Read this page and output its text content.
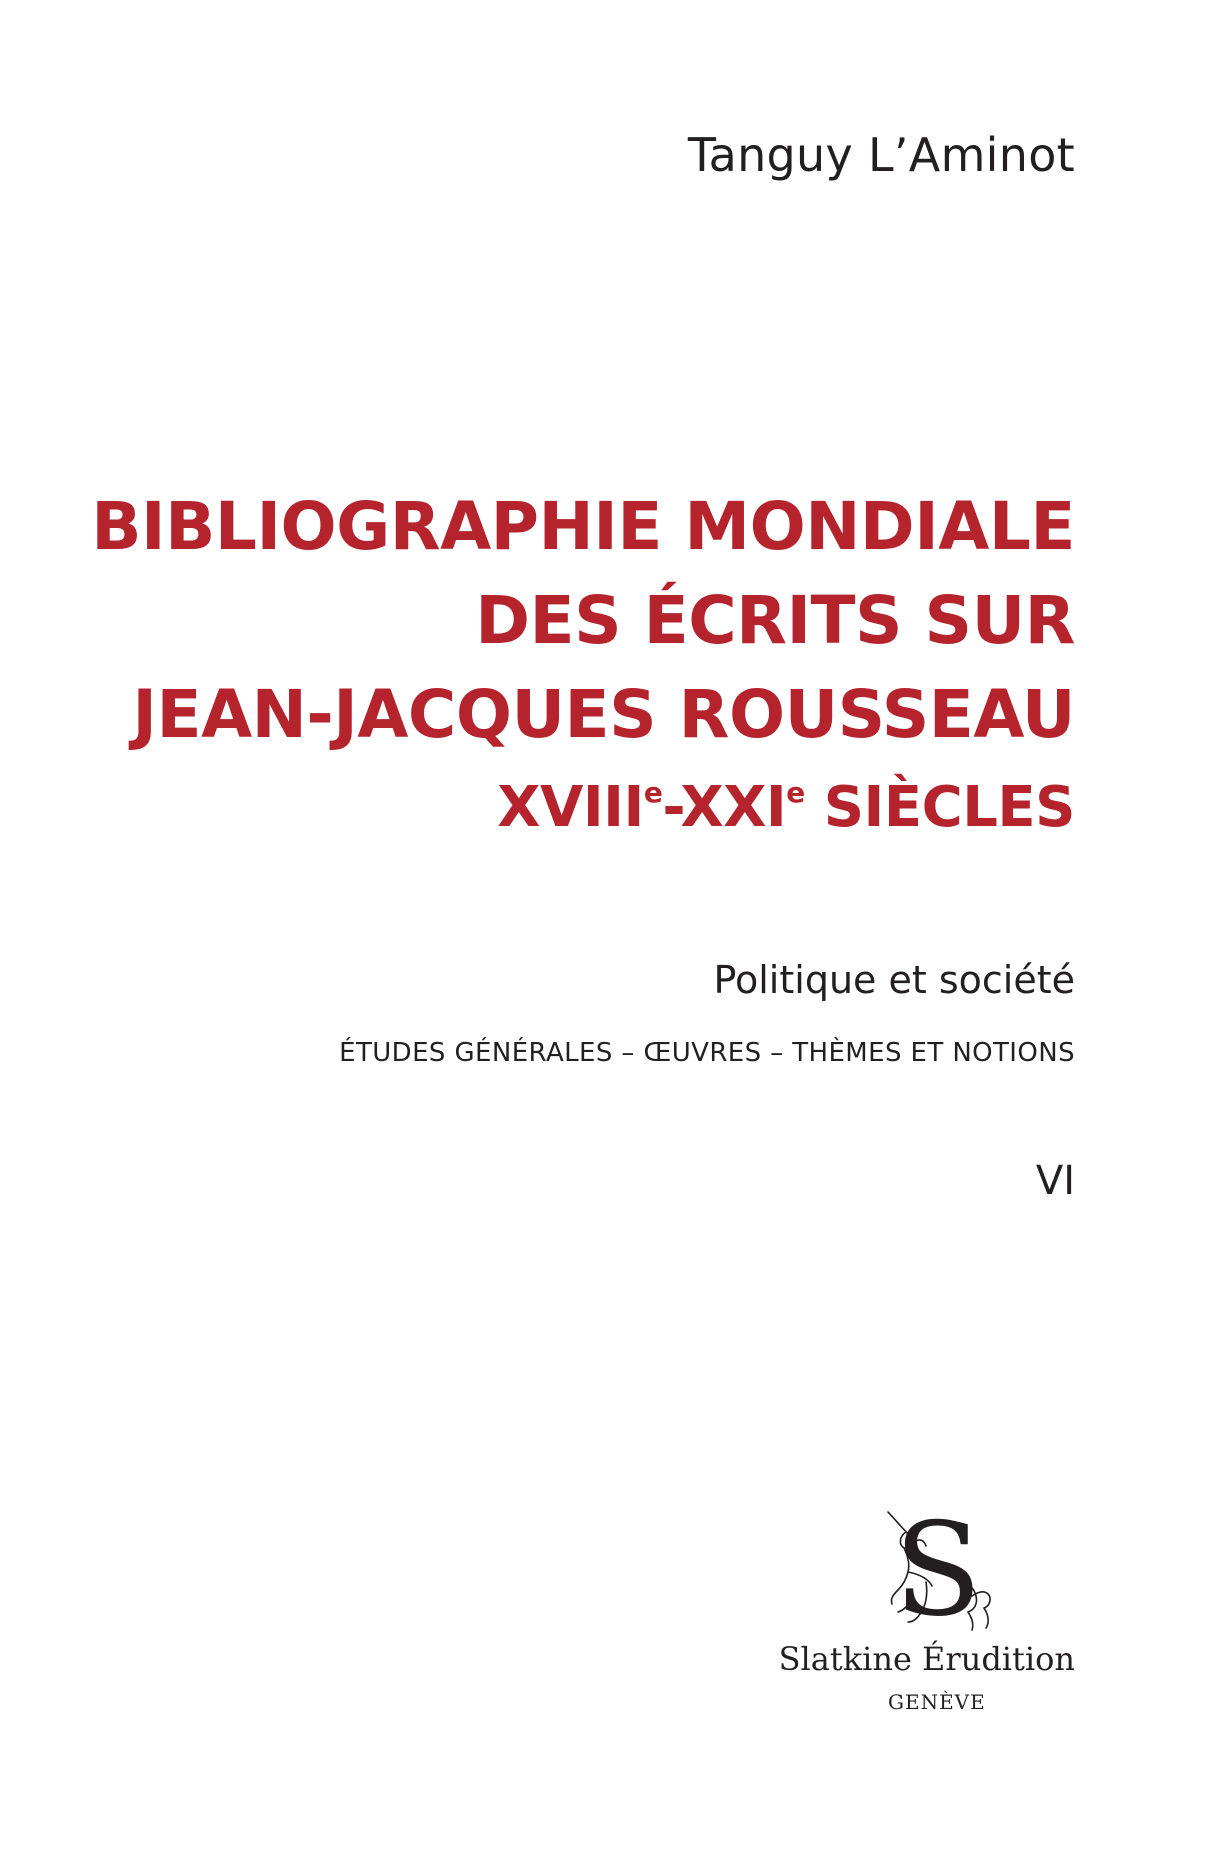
Tanguy L’Aminot
BIBLIOGRAPHIE MONDIALE
DES ÉCRITS SUR
JEAN-JACQUES ROUSSEAU
XVIIIe-XXIe SIÈCLES
Politique et société
ÉTUDES GÉNÉRALES – ŒUVRES – THÈMES ET NOTIONS
VI
S
Slatkine Érudition
GENÈVE
